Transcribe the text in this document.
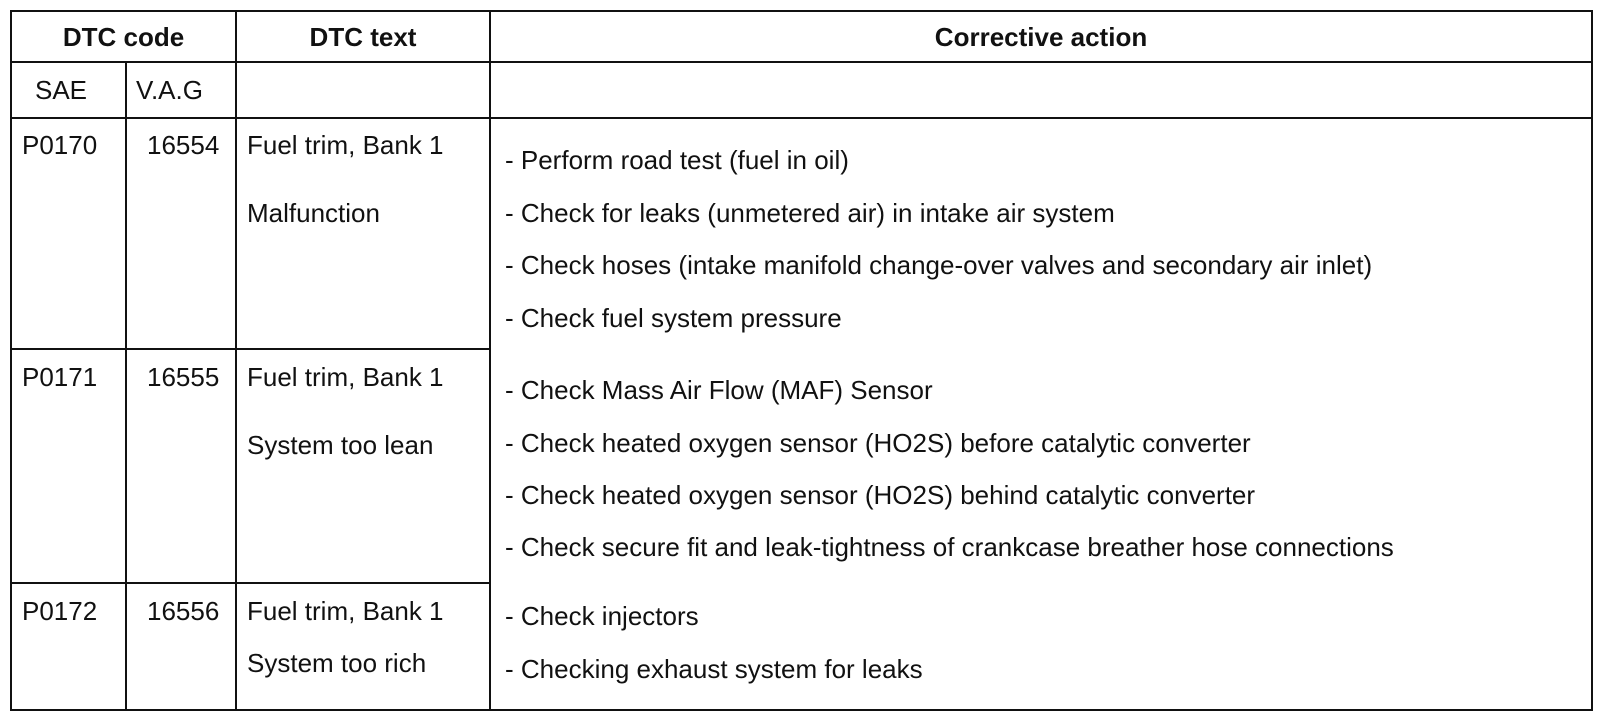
DTC code	DTC text	Corrective action
SAE V.A.G
P0170 16554 Fuel trim, Bank 1
Malfunction
P0171 16555 Fuel trim, Bank 1
System too lean
P0172 16556 Fuel trim, Bank 1
System too rich
- Perform road test (fuel in oil)
- Check for leaks (unmetered air) in intake air system
- Check hoses (intake manifold change-over valves and secondary air inlet)
- Check fuel system pressure
- Check Mass Air Flow (MAF) Sensor
- Check heated oxygen sensor (HO2S) before catalytic converter
- Check heated oxygen sensor (HO2S) behind catalytic converter
- Check secure fit and leak-tightness of crankcase breather hose connections
- Check injectors
- Checking exhaust system for leaks
